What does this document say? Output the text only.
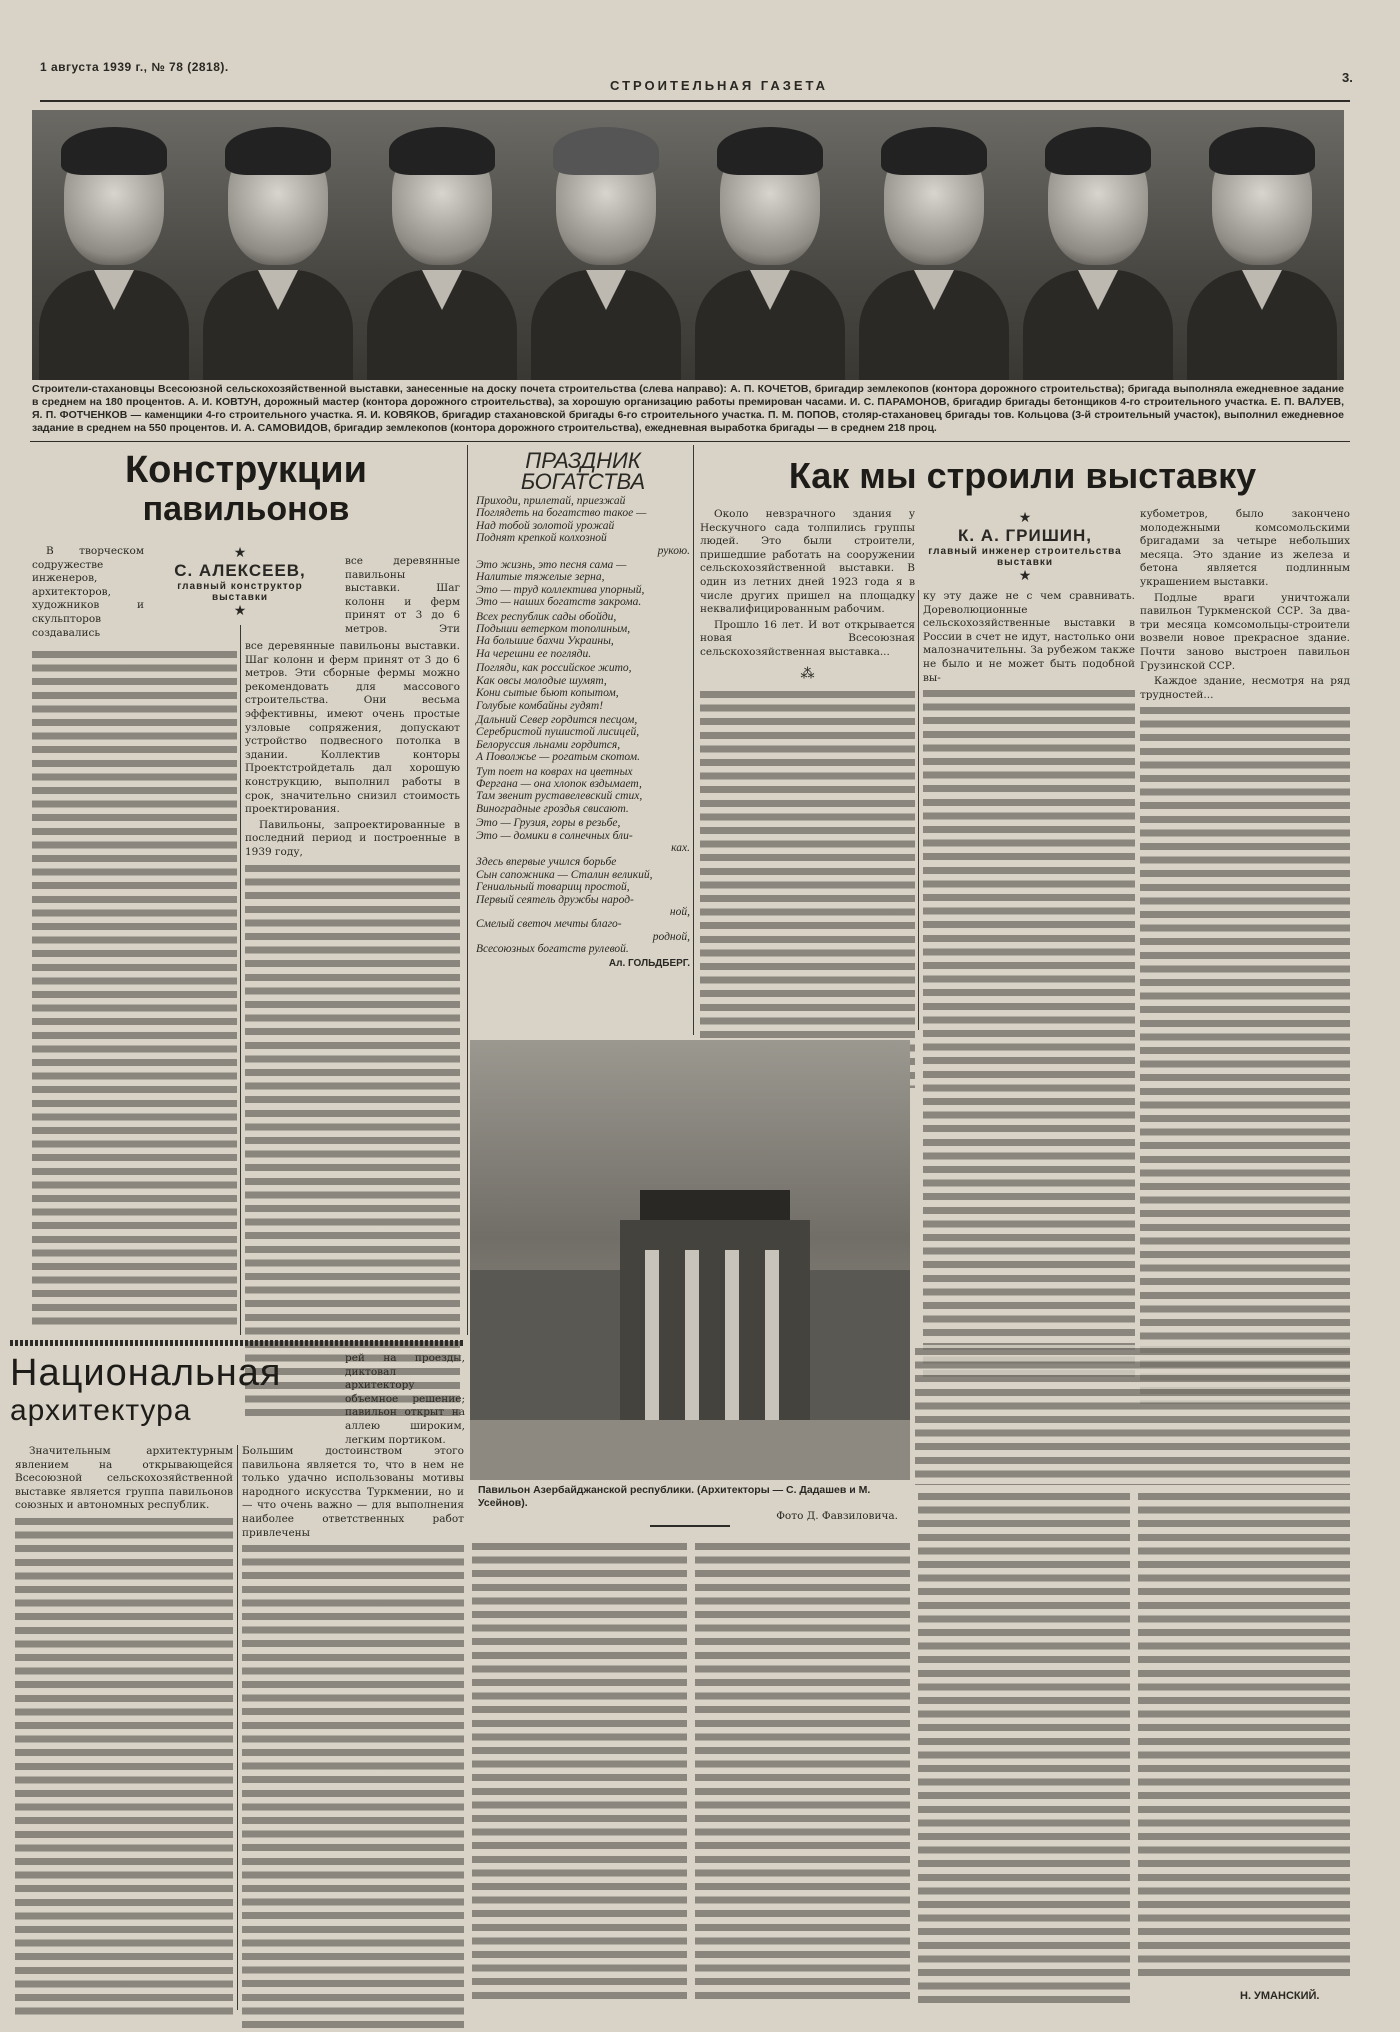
1 августа 1939 г., № 78 (2818).
СТРОИТЕЛЬНАЯ ГАЗЕТА
3.
Строители-стахановцы Всесоюзной сельскохозяйственной выставки, занесенные на доску почета строительства (слева направо): А. П. КОЧЕТОВ, бригадир землекопов (контора дорожного строительства); бригада выполняла ежедневное задание в среднем на 180 процентов. А. И. КОВТУН, дорожный мастер (контора дорожного строительства), за хорошую организацию работы премирован часами. И. С. ПАРАМОНОВ, бригадир бригады бетонщиков 4-го строительного участка. Е. П. ВАЛУЕВ, Я. П. ФОТЧЕНКОВ — каменщики 4-го строительного участка. Я. И. КОВЯКОВ, бригадир стахановской бригады 6-го строительного участка. П. М. ПОПОВ, столяр-стахановец бригады тов. Кольцова (3-й строительный участок), выполнил ежедневное задание в среднем на 550 процентов. И. А. САМОВИДОВ, бригадир землекопов (контора дорожного строительства), ежедневная выработка бригады — в среднем 218 проц.
Конструкции
павильонов
★
С. АЛЕКСЕЕВ,
главный конструктор выставки
★

В творческом содружестве инженеров, архитекторов, художников и скульпторов создавались

все деревянные павильоны выставки. Шаг колонн и ферм принят от 3 до 6 метров. Эти

все деревянные павильоны выставки. Шаг колонн и ферм принят от 3 до 6 метров. Эти сборные фермы можно рекомендовать для массового строительства. Они весьма эффективны, имеют очень простые узловые сопряжения, допускают устройство подвесного потолка в здании. Коллектив конторы Проектстройдеталь дал хорошую конструкцию, выполнил работы в срок, значительно снизил стоимость проектирования.

Павильоны, запроектированные в последний период и построенные в 1939 году,

ПРАЗДНИК
БОГАТСТВА
Приходи, прилетай, приезжай
Поглядеть на богатство такое —
Над тобой золотой урожай
Поднят крепкой колхозной
рукою.
Это жизнь, это песня сама —
Налитые тяжелые зерна,
Это — труд коллектива упорный,
Это — наших богатств закрома.
Всех республик сады обойди,
Подыши ветерком тополиным,
На большие бахчи Украины,
На черешни ее погляди.
Погляди, как российское жито,
Как овсы молодые шумят,
Кони сытые бьют копытом,
Голубые комбайны гудят!
Дальний Север гордится песцом,
Серебристой пушистой лисицей,
Белоруссия льнами гордится,
А Поволжье — рогатым скотом.
Тут поет на коврах на цветных
Фергана — она хлопок вздымает,
Там звенит руставелевский стих,
Виноградные гроздья свисают.
Это — Грузия, горы в резьбе,
Это — домики в солнечных бли-
ках.
Здесь впервые учился борьбе
Сын сапожника — Сталин великий,
Гениальный товарищ простой,
Первый сеятель дружбы народ-
ной,
Смелый светоч мечты благо-
родной,
Всесоюзных богатств рулевой.
Ал. ГОЛЬДБЕРГ.
Как мы строили выставку
★
К. А. ГРИШИН,
главный инженер строительства выставки
★

Около невзрачного здания у Нескучного сада толпились группы людей. Это были строители, пришедшие работать на сооружении сельскохозяйственной выставки. В один из летних дней 1923 года я в числе других пришел на площадку неквалифицированным рабочим.

Прошло 16 лет. И вот открывается новая Всесоюзная сельскохозяйственная выставка...

⁂

ку эту даже не с чем сравнивать. Дореволюционные сельскохозяйственные выставки в России в счет не идут, настолько они малозначительны. За рубежом также не было и не может быть подобной вы-

кубометров, было закончено молодежными комсомольскими бригадами за четыре небольших месяца. Это здание из железа и бетона является подлинным украшением выставки.

Подлые враги уничтожали павильон Туркменской ССР. За два-три месяца комсомольцы-строители возвели новое прекрасное здание. Почти заново выстроен павильон Грузинской ССР.

Каждое здание, несмотря на ряд трудностей...

Павильон Азербайджанской республики. (Архитекторы — С. Дадашев и М. Усейнов).
Фото Д. Фавзиловича.
Национальная
архитектура

рей на проезды, диктовал архитектору объемное решение; павильон открыт на аллею широким, легким портиком.

Значительным архитектурным явлением на открывающейся Всесоюзной сельскохозяйственной выставке является группа павильонов союзных и автономных республик.

Большим достоинством этого павильона является то, что в нем не только удачно использованы мотивы народного искусства Туркмении, но и — что очень важно — для выполнения наиболее ответственных работ привлечены

Н. УМАНСКИЙ.
